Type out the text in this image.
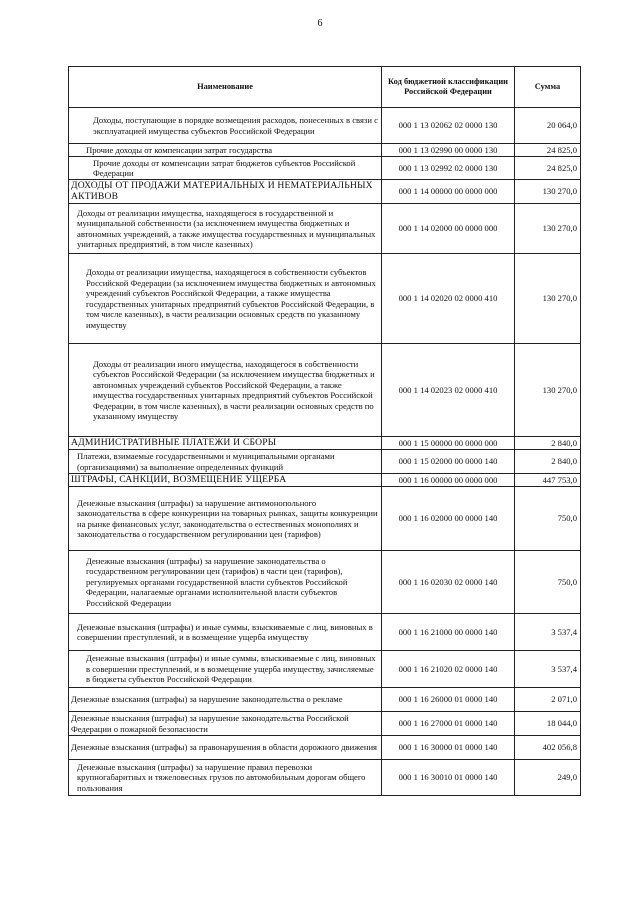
6
Наименование	Код бюджетной классификации Российской Федерации	Сумма
Доходы, поступающие в порядке возмещения расходов, понесенных в связи с эксплуатацией имущества субъектов Российской Федерации	000 1 13 02062 02 0000 130	20 064,0
Прочие доходы от компенсации затрат государства	000 1 13 02990 00 0000 130	24 825,0
Прочие доходы от компенсации затрат бюджетов субъектов Российской Федерации	000 1 13 02992 02 0000 130	24 825,0
ДОХОДЫ ОТ ПРОДАЖИ МАТЕРИАЛЬНЫХ И НЕМАТЕРИАЛЬНЫХ АКТИВОВ	000 1 14 00000 00 0000 000	130 270,0
Доходы от реализации имущества, находящегося в государственной и муниципальной собственности (за исключением имущества бюджетных и автономных учреждений, а также имущества государственных и муниципальных унитарных предприятий, в том числе казенных)	000 1 14 02000 00 0000 000	130 270,0
Доходы от реализации имущества, находящегося в собственности субъектов Российской Федерации (за исключением имущества бюджетных и автономных учреждений субъектов Российской Федерации, а также имущества государственных унитарных предприятий субъектов Российской Федерации, в том числе казенных), в части реализации основных средств по указанному имуществу	000 1 14 02020 02 0000 410	130 270,0
Доходы от реализации иного имущества, находящегося в собственности субъектов Российской Федерации (за исключением имущества бюджетных и автономных учреждений субъектов Российской Федерации, а также имущества государственных унитарных предприятий субъектов Российской Федерации, в том числе казенных), в части реализации основных средств по указанному имуществу	000 1 14 02023 02 0000 410	130 270,0
АДМИНИСТРАТИВНЫЕ ПЛАТЕЖИ И СБОРЫ	000 1 15 00000 00 0000 000	2 840,0
Платежи, взимаемые государственными и муниципальными органами (организациями) за выполнение определенных функций	000 1 15 02000 00 0000 140	2 840,0
ШТРАФЫ, САНКЦИИ, ВОЗМЕЩЕНИЕ УЩЕРБА	000 1 16 00000 00 0000 000	447 753,0
Денежные взыскания (штрафы) за нарушение антимонопольного законодательства в сфере конкуренции на товарных рынках, защиты конкуренции на рынке финансовых услуг, законодательства о естественных монополиях и законодательства о государственном регулировании цен (тарифов)	000 1 16 02000 00 0000 140	750,0
Денежные взыскания (штрафы) за нарушение законодательства о государственном регулировании цен (тарифов) в части цен (тарифов), регулируемых органами государственной власти субъектов Российской Федерации, налагаемые органами исполнительной власти субъектов Российской Федерации	000 1 16 02030 02 0000 140	750,0
Денежные взыскания (штрафы) и иные суммы, взыскиваемые с лиц, виновных в совершении преступлений, и в возмещение ущерба имуществу	000 1 16 21000 00 0000 140	3 537,4
Денежные взыскания (штрафы) и иные суммы, взыскиваемые с лиц, виновных в совершении преступлений, и в возмещение ущерба имуществу, зачисляемые в бюджеты субъектов Российской Федерации	000 1 16 21020 02 0000 140	3 537,4
Денежные взыскания (штрафы) за нарушение законодательства о рекламе	000 1 16 26000 01 0000 140	2 071,0
Денежные взыскания (штрафы) за нарушение законодательства Российской Федерации о пожарной безопасности	000 1 16 27000 01 0000 140	18 044,0
Денежные взыскания (штрафы) за правонарушения в области дорожного движения	000 1 16 30000 01 0000 140	402 056,8
Денежные взыскания (штрафы) за нарушение правил перевозки крупногабаритных и тяжеловесных грузов по автомобильным дорогам общего пользования	000 1 16 30010 01 0000 140	249,0
